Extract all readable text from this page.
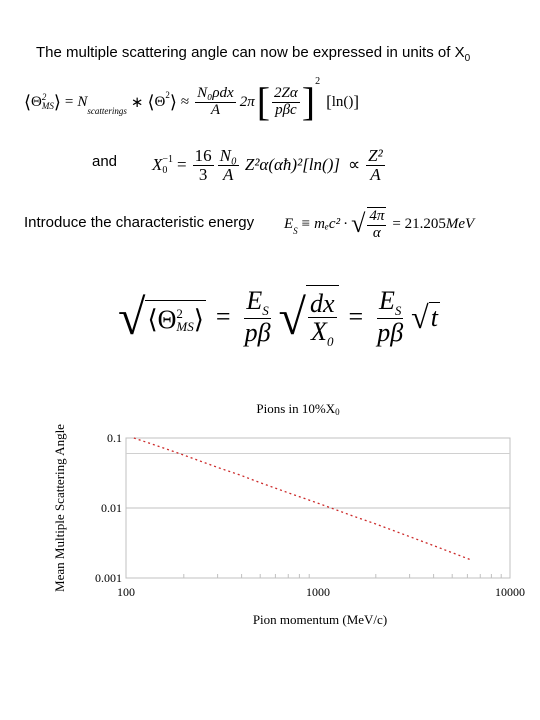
The multiple scattering angle can now be expressed in units of $X_0$
⟨ Θ 2
MS ⟩ = N
$_{scatterings}$
∗ ⟨ $\Theta^2$ ⟩ ≈ $\frac{\text{N₀ρdx}}{A} 2\pi$ [ $\frac{2Z\alpha}{\text{pβc}} ]^2$
[ ln() ]
and X −1
$0 = \frac{16}{3} \frac{\text{N₀}}{A}$ Z²α(αħ)²[ln()] ∝ $\frac{\text{Z²}}{A}$
Introduce the characteristic energy $E_S \equiv m_ec^2$ · √ $\frac{4\pi}{\alpha} = 21.205$ MeV
√ ⟨ Θ 2
MS ⟩ = $\frac{E_S}{p\beta}$ √ $\frac{dx}{X_0} = \frac{E_S}{p\beta}$ √ t
Pions in 10%X0
0.1
0.01
0.001
100	1000	10000
Pion momentum (MeV/c)
Mean Multiple Scattering Angle
